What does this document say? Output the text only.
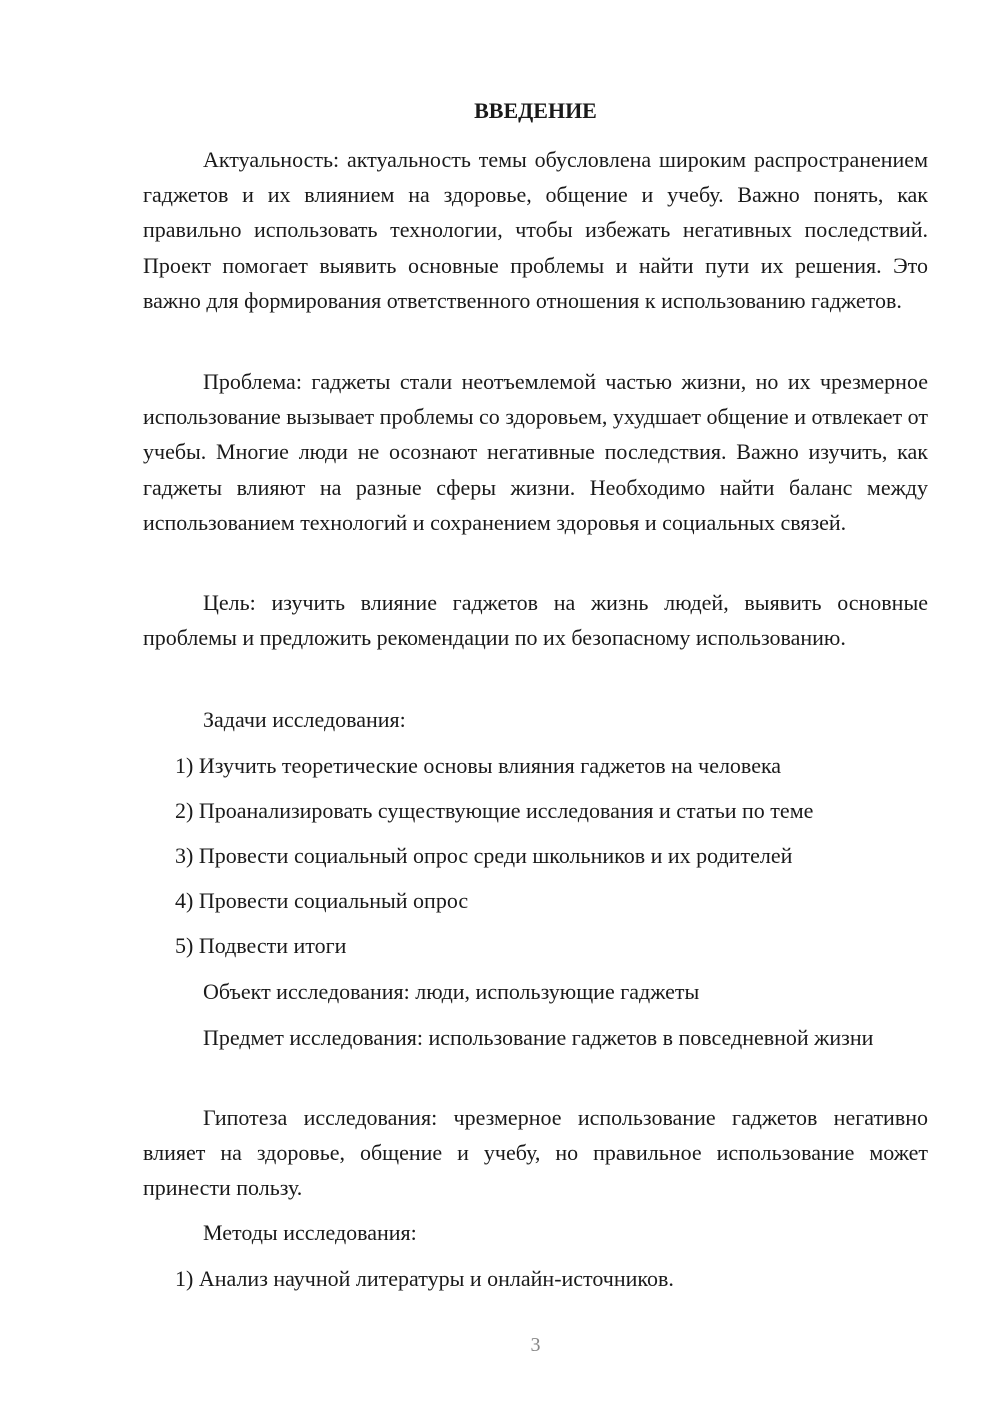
ВВЕДЕНИЕ

Актуальность: актуальность темы обусловлена широким распространением гаджетов и их влиянием на здоровье, общение и учебу. Важно понять, как правильно использовать технологии, чтобы избежать негативных последствий. Проект помогает выявить основные проблемы и найти пути их решения. Это важно для формирования ответственного отношения к использованию гаджетов.

Проблема: гаджеты стали неотъемлемой частью жизни, но их чрезмерное использование вызывает проблемы со здоровьем, ухудшает общение и отвлекает от учебы. Многие люди не осознают негативные последствия. Важно изучить, как гаджеты влияют на разные сферы жизни. Необходимо найти баланс между использованием технологий и сохранением здоровья и социальных связей.

Цель: изучить влияние гаджетов на жизнь людей, выявить основные проблемы и предложить рекомендации по их безопасному использованию.

Задачи исследования:

1) Изучить теоретические основы влияния гаджетов на человека

2) Проанализировать существующие исследования и статьи по теме

3) Провести социальный опрос среди школьников и их родителей

4) Провести социальный опрос

5) Подвести итоги

Объект исследования: люди, использующие гаджеты

Предмет исследования: использование гаджетов в повседневной жизни

Гипотеза исследования: чрезмерное использование гаджетов негативно влияет на здоровье, общение и учебу, но правильное использование может принести пользу.

Методы исследования:

1) Анализ научной литературы и онлайн-источников.

3
